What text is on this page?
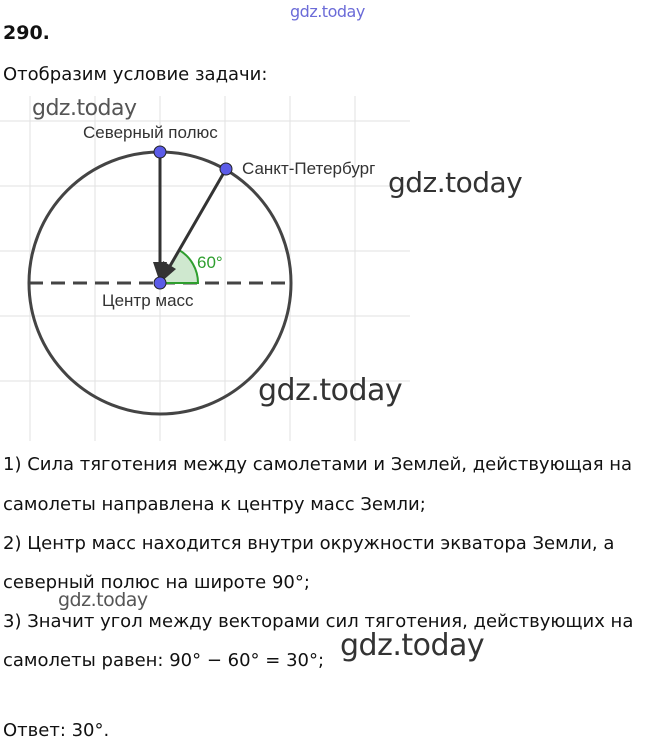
gdz.today
290.
Отобразим условие задачи:
Северный полюс
Санкт-Петербург
Центр масс
60°
gdz.today
gdz.today
gdz.today
1) Сила тяготения между самолетами и Землей, действующая на
самолеты направлена к центру масс Земли;
2) Центр масс находится внутри окружности экватора Земли, а
северный полюс на широте 90°;
3) Значит угол между векторами сил тяготения, действующих на
самолеты равен: 90° − 60° = 30°;
gdz.today
gdz.today
Ответ: 30°.
